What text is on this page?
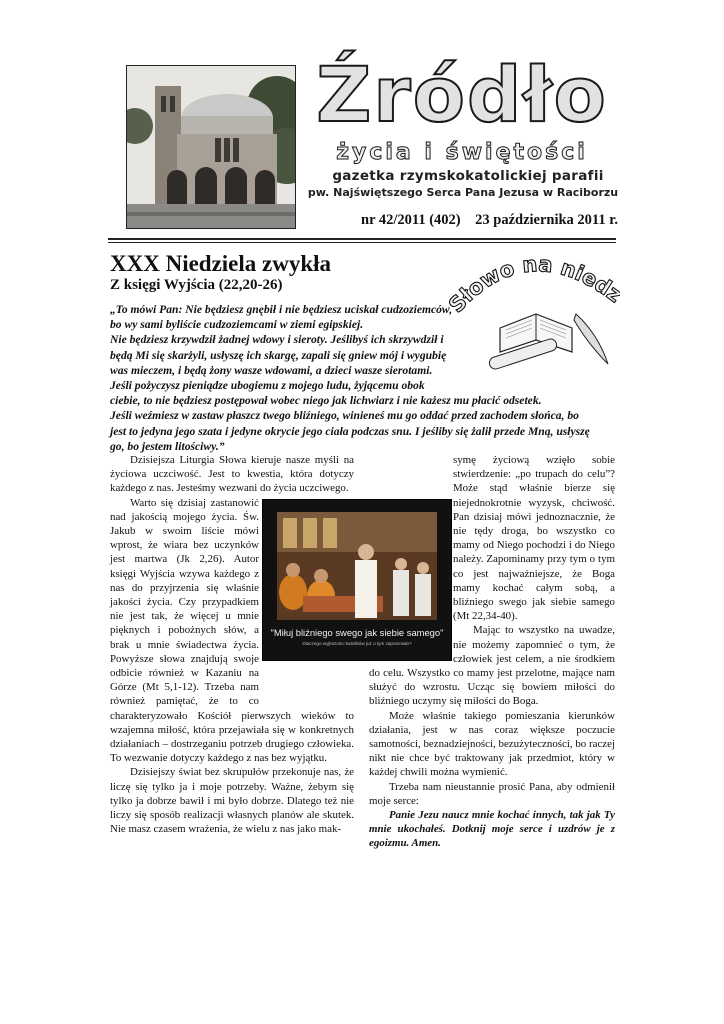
Źródło
życia i świętości
gazetka rzymskokatolickiej parafii
pw. Najświętszego Serca Pana Jezusa w Raciborzu
nr 42/2011 (402)    23 października 2011 r.
XXX Niedziela zwykła
Z księgi Wyjścia (22,20-26)	łowo na nied
„To mówi Pan: Nie będziesz gnębił i nie będziesz uciskał cudzoziemców,
bo wy sami byliście cudzoziemcami w ziemi egipskiej.
Nie będziesz krzywdził żadnej wdowy i sieroty. Jeślibyś ich skrzywdził i
będą Mi się skarżyli, usłyszę ich skargę, zapali się gniew mój i wygubię
was mieczem, i będą żony wasze wdowami, a dzieci wasze sierotami.
Jeśli pożyczysz pieniądze ubogiemu z mojego ludu, żyjącemu obok
ciebie, to nie będziesz postępował wobec niego jak lichwiarz i nie każesz mu płacić odsetek.
Jeśli weźmiesz w zastaw płaszcz twego bliźniego, winieneś mu go oddać przed zachodem słońca, bo
jest to jedyna jego szata i jedyne okrycie jego ciała podczas snu. I jeśliby się żalił przede Mną, usłyszę
go, bo jestem litościwy.”

Dzisiejsza Liturgia Słowa kieruje nasze myśli na życiowa uczciwość. Jest to kwestia, która dotyczy każdego z nas. Jesteśmy wezwani do życia uczciwego.

Warto się dzisiaj zastanowić nad jakością mojego życia. Św. Jakub w swoim liście mówi wprost, że wiara bez uczynków jest martwa (Jk 2,26). Autor księgi Wyjścia wzywa każdego z nas do przyjrzenia się właśnie jakości życia. Czy przypadkiem nie jest tak, że więcej u mnie pięknych i pobożnych słów, a brak u mnie świadectwa życia. Powyższe słowa znajdują swoje odbicie również w Kazaniu na Górze (Mt 5,1-12). Trzeba nam również pamiętać, że to co charakteryzowało Kościół pierwszych wieków to wzajemna miłość, która przejawiała się w konkretnych działaniach – dostrzeganiu potrzeb drugiego człowieka. To wezwanie dotyczy każdego z nas bez wyjątku.

Dzisiejszy świat bez skrupułów przekonuje nas, że liczę się tylko ja i moje potrzeby. Ważne, żebym się tylko ja dobrze bawił i mi było dobrze. Dlatego też nie liczy się sposób realizacji własnych planów ale skutek. Nie masz czasem wrażenia, że wielu z nas jako mak-

symę życiową wzięło sobie stwierdzenie: „po trupach do celu”? Może stąd właśnie bierze się niejednokrotnie wyzysk, chciwość. Pan dzisiaj mówi jednoznacznie, że nie tędy droga, bo wszystko co mamy od Niego pochodzi i do Niego należy. Zapominamy przy tym o tym co jest najważniejsze, że Boga mamy kochać całym sobą, a bliźniego swego jak siebie samego (Mt 22,34-40).

Mając to wszystko na uwadze, nie możemy zapomnieć o tym, że człowiek jest celem, a nie środkiem do celu. Wszystko co mamy jest przelotne, mające nam służyć do wzrostu. Ucząc się bowiem miłości do bliźniego uczymy się miłości do Boga.

Może właśnie takiego pomieszania kierunków działania, jest w nas coraz większe poczucie samotności, beznadziejności, bezużyteczności, bo raczej nikt nie chce być traktowany jak przedmiot, który w każdej chwili można wymienić.

Trzeba nam nieustannie prosić Pana, aby odmienił moje serce:

Panie Jezu naucz mnie kochać innych, tak jak Ty mnie ukochałeś. Dotknij moje serce i uzdrów je z egoizmu. Amen.

"Miłuj bliźniego swego jak siebie samego"
Dlaczego wyjkszości katolików już o tym zapomniało?
